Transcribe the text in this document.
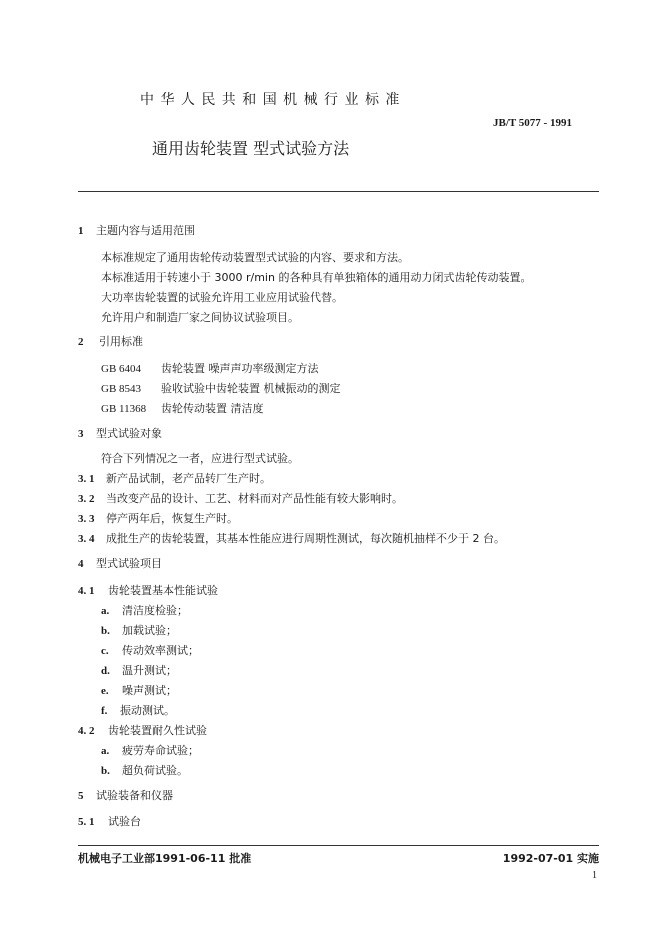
中 华 人 民 共 和 国 机 械 行 业 标 准
JB/T 5077 - 1991
通用齿轮装置 型式试验方法
1 主题内容与适用范围
本标准规定了通用齿轮传动装置型式试验的内容、要求和方法。
本标准适用于转速小于 3000 r/min 的各种具有单独箱体的通用动力闭式齿轮传动装置。
大功率齿轮装置的试验允许用工业应用试验代替。
允许用户和制造厂家之间协议试验项目。
2 引用标准
GB 6404 齿轮装置 噪声声功率级测定方法
GB 8543 验收试验中齿轮装置 机械振动的测定
GB 11368 齿轮传动装置 清洁度
3 型式试验对象
符合下列情况之一者，应进行型式试验。
3. 1 新产品试制，老产品转厂生产时。
3. 2 当改变产品的设计、工艺、材料而对产品性能有较大影响时。
3. 3 停产两年后，恢复生产时。
3. 4 成批生产的齿轮装置，其基本性能应进行周期性测试，每次随机抽样不少于 2 台。
4 型式试验项目
4. 1 齿轮装置基本性能试验
a. 清洁度检验；
b. 加载试验；
c. 传动效率测试；
d. 温升测试；
e. 噪声测试；
f. 振动测试。
4. 2 齿轮装置耐久性试验
a. 疲劳寿命试验；
b. 超负荷试验。
5 试验装备和仪器
5. 1 试验台
机械电子工业部1991-06-11 批准	1992-07-01 实施
1
